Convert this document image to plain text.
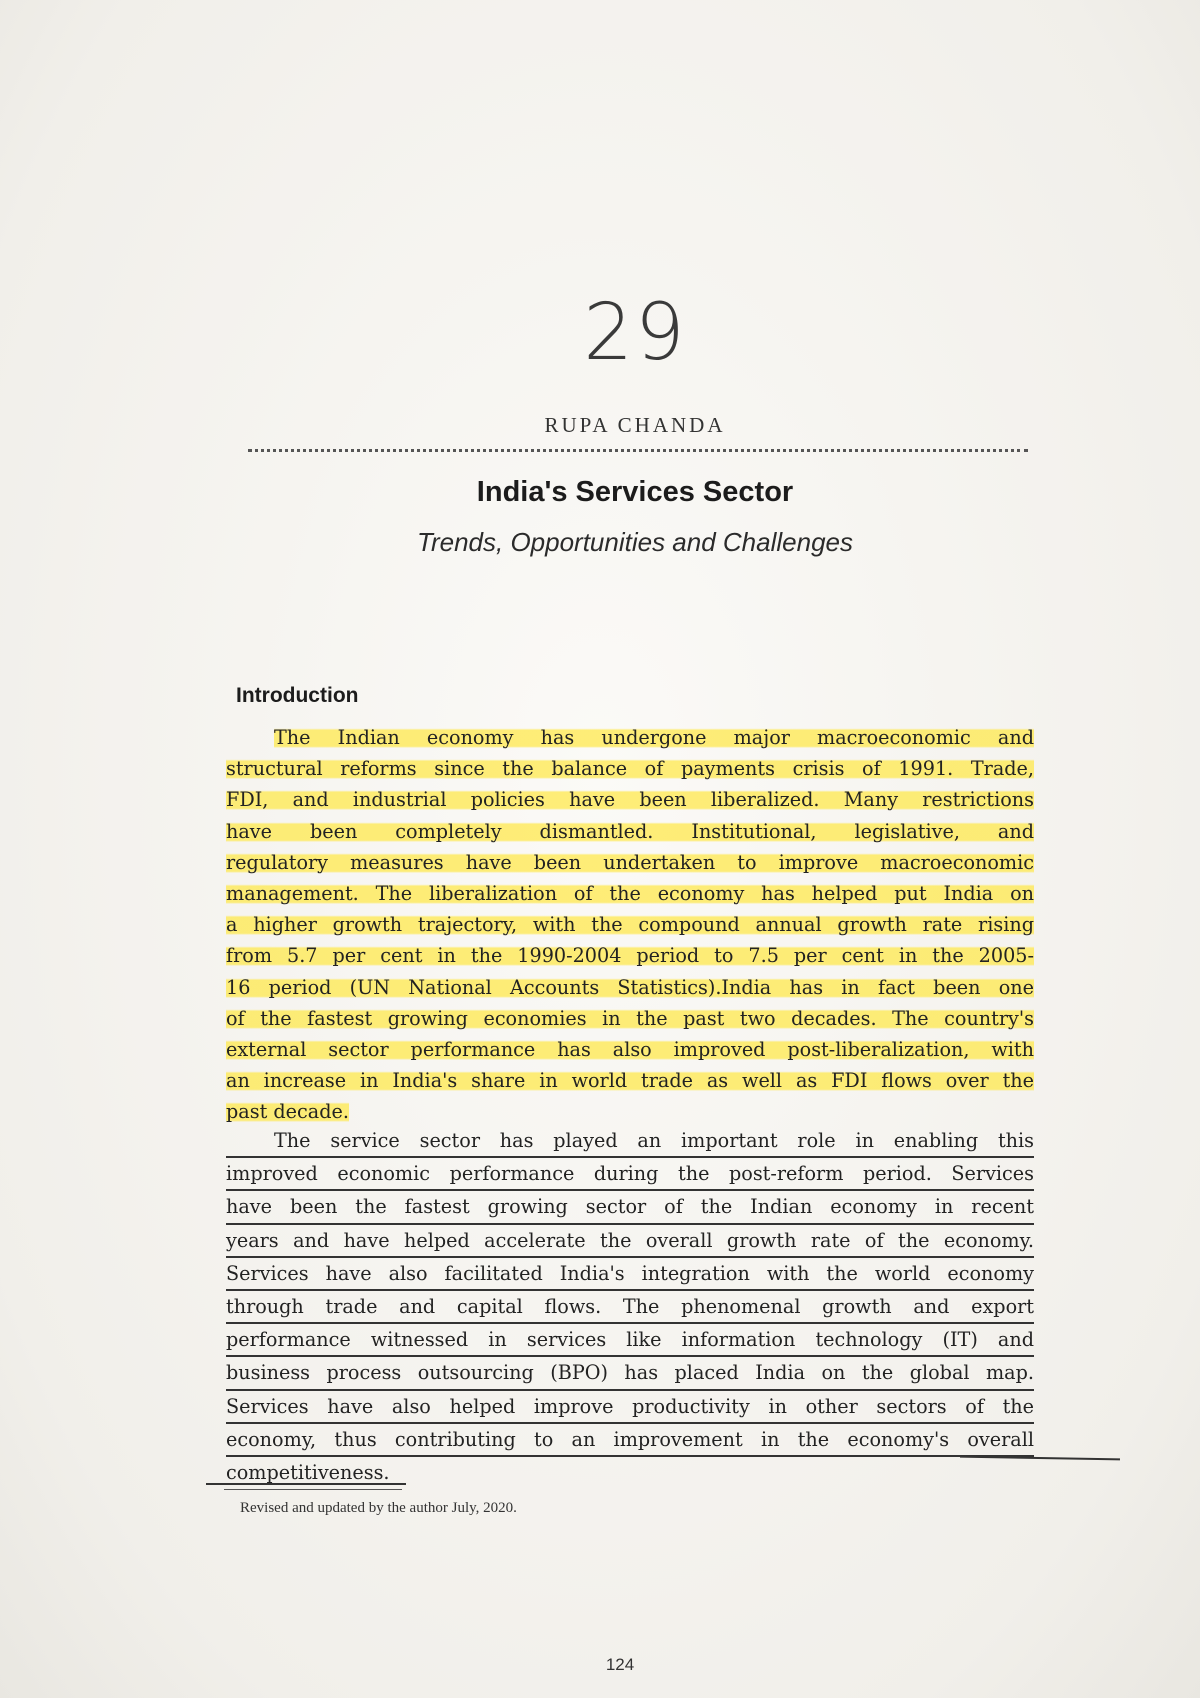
29
RUPA CHANDA
India's Services Sector
Trends, Opportunities and Challenges
Introduction
The Indian economy has undergone major macroeconomic and
structural reforms since the balance of payments crisis of 1991. Trade,
FDI, and industrial policies have been liberalized. Many restrictions
have been completely dismantled. Institutional, legislative, and
regulatory measures have been undertaken to improve macroeconomic
management. The liberalization of the economy has helped put India on
a higher growth trajectory, with the compound annual growth rate rising
from 5.7 per cent in the 1990-2004 period to 7.5 per cent in the 2005-
16 period (UN National Accounts Statistics).India has in fact been one
of the fastest growing economies in the past two decades. The country's
external sector performance has also improved post-liberalization, with
an increase in India's share in world trade as well as FDI flows over the
past decade.
The service sector has played an important role in enabling this
improved economic performance during the post-reform period. Services
have been the fastest growing sector of the Indian economy in recent
years and have helped accelerate the overall growth rate of the economy.
Services have also facilitated India's integration with the world economy
through trade and capital flows. The phenomenal growth and export
performance witnessed in services like information technology (IT) and
business process outsourcing (BPO) has placed India on the global map.
Services have also helped improve productivity in other sectors of the
economy, thus contributing to an improvement in the economy's overall
competitiveness.
Revised and updated by the author July, 2020.
124
